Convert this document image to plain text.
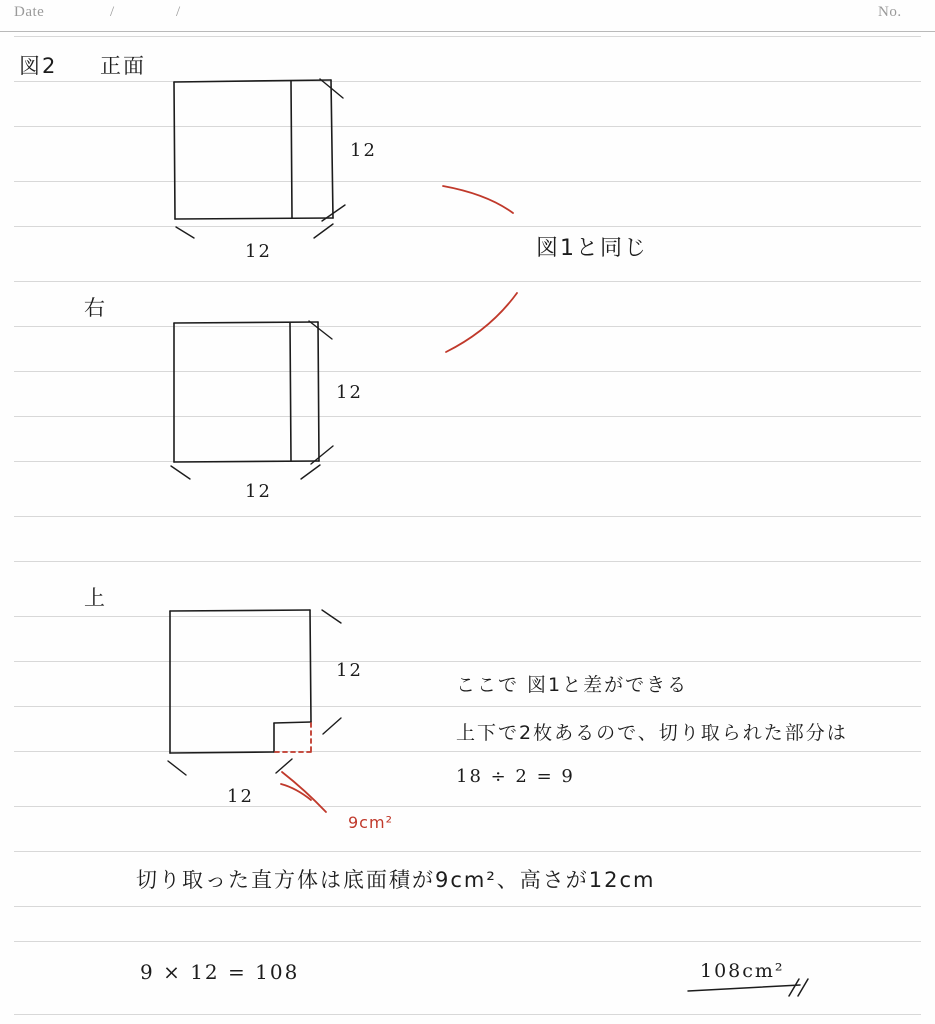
Date	/	/	No.
図2 正面
12
12
右
12
12
上
12
12
9cm²
図1と同じ
ここで 図1と差ができる
上下で2枚あるので、切り取られた部分は
18 ÷ 2 = 9
切り取った直方体は底面積が9cm²、高さが12cm
9 × 12 = 108	108cm²
